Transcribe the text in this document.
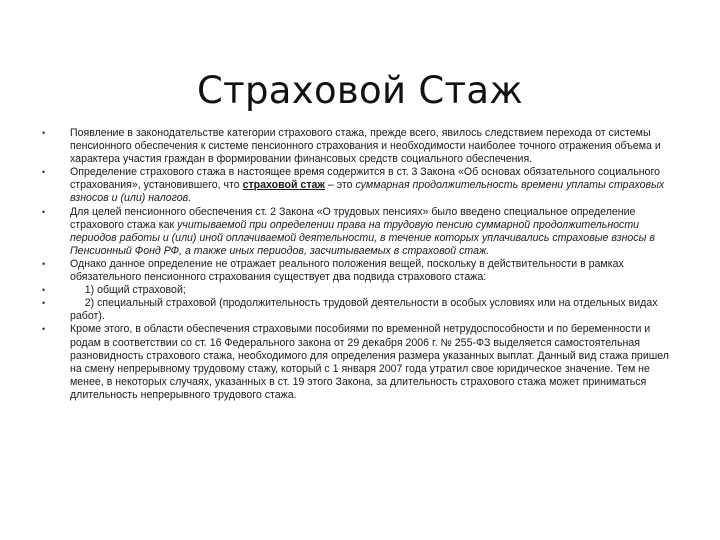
Страховой Стаж
• Появление в законодательстве категории страхового стажа, прежде всего, явилось следствием перехода от системы пенсионного обеспечения к системе пенсионного страхования и необходимости наиболее точного отражения объема и характера участия граждан в формировании финансовых средств социального обеспечения.
• Определение страхового стажа в настоящее время содержится в ст. 3 Закона «Об основах обязательного социального страхования», установившего, что страховой стаж – это суммарная продолжительность времени уплаты страховых взносов и (или) налогов.
• Для целей пенсионного обеспечения ст. 2 Закона «О трудовых пенсиях» было введено специальное определение страхового стажа как учитываемой при определении права на трудовую пенсию суммарной продолжительности периодов работы и (или) иной оплачиваемой деятельности, в течение которых уплачивались страховые взносы в Пенсионный Фонд РФ, а также иных периодов, засчитываемых в страховой стаж.
• Однако данное определение не отражает реального положения вещей, поскольку в действительности в рамках обязательного пенсионного страхования существует два подвида страхового стажа:
• 1) общий страховой;
• 2) специальный страховой (продолжительность трудовой деятельности в особых условиях или на отдельных видах работ).
• Кроме этого, в области обеспечения страховыми пособиями по временной нетрудоспособности и по беременности и родам в соответствии со ст. 16 Федерального закона от 29 декабря 2006 г. № 255-ФЗ выделяется самостоятельная разновидность страхового стажа, необходимого для определения размера указанных выплат. Данный вид стажа пришел на смену непрерывному трудовому стажу, который с 1 января 2007 года утратил свое юридическое значение. Тем не менее, в некоторых случаях, указанных в ст. 19 этого Закона, за длительность страхового стажа может приниматься длительность непрерывного трудового стажа.
